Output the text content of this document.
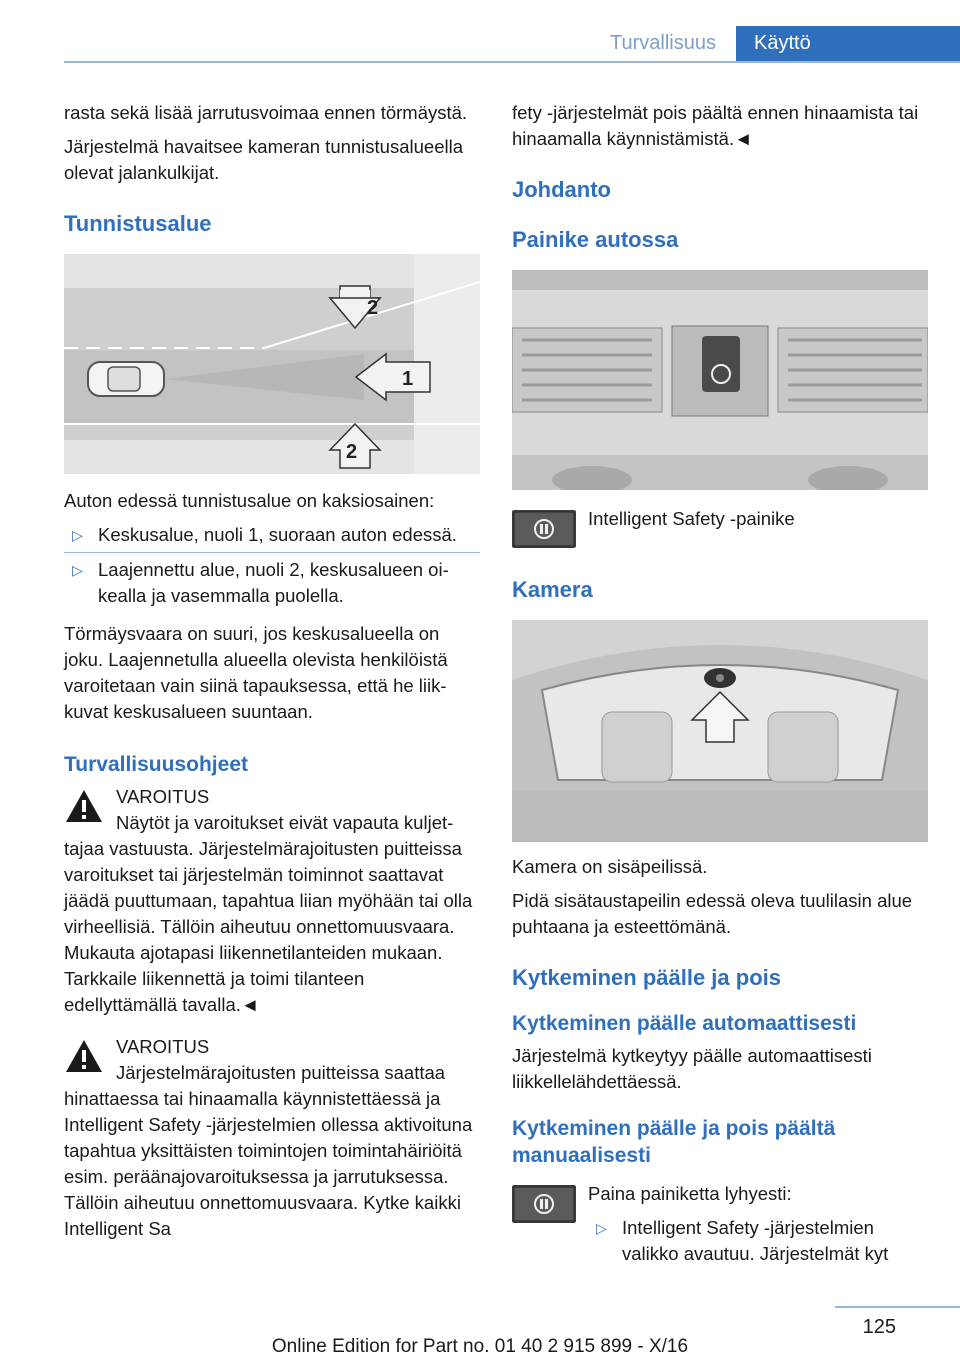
Turvallisuus	Käyttö

rasta sekä lisää jarrutusvoimaa ennen törmäystä.

Järjestelmä havaitsee kameran tunnistusalueella olevat jalankulkijat.

Tunnistusalue
2
1
2

Auton edessä tunnistusalue on kaksiosainen:

▷ Keskusalue, nuoli 1, suoraan auton edessä.
▷ Laajennettu alue, nuoli 2, keskusalueen oikealla ja vasemmalla puolella.

Törmäysvaara on suuri, jos keskusalueella on joku. Laajennetulla alueella olevista henkilöistä varoitetaan vain siinä tapauksessa, että he liikkuvat keskusalueen suuntaan.

Turvallisuusohjeet
VAROITUS
Näytöt ja varoitukset eivät vapauta kuljettajaa vastuusta. Järjestelmärajoitusten puitteissa varoitukset tai järjestelmän toiminnot saattavat jäädä puuttumaan, tapahtua liian myöhään tai olla virheellisiä. Tällöin aiheutuu onnettomuusvaara. Mukauta ajotapasi liikennetilanteiden mukaan. Tarkkaile liikennettä ja toimi tilanteen edellyttämällä tavalla.◄
VAROITUS
Järjestelmärajoitusten puitteissa saattaa hinattaessa tai hinaamalla käynnistettäessä ja Intelligent Safety -järjestelmien ollessa aktivoituna tapahtua yksittäisten toimintojen toimintahäiriöitä esim. peräänajovaroituksessa ja jarrutuksessa. Tällöin aiheutuu onnettomuusvaara. Kytke kaikki Intelligent Sa

fety -järjestelmät pois päältä ennen hinaamista tai hinaamalla käynnistämistä.◄

Johdanto
Painike autossa
Intelligent Safety -painike
Kamera

Kamera on sisäpeilissä.

Pidä sisätaustapeilin edessä oleva tuulilasin alue puhtaana ja esteettömänä.

Kytkeminen päälle ja pois
Kytkeminen päälle automaattisesti

Järjestelmä kytkeytyy päälle automaattisesti liikkellelähdettäessä.

Kytkeminen päälle ja pois päältä manuaalisesti

Paina painiketta lyhyesti:

▷ Intelligent Safety -järjestelmien valikko avautuu. Järjestelmät kyt
125
Online Edition for Part no. 01 40 2 915 899 - X/16
